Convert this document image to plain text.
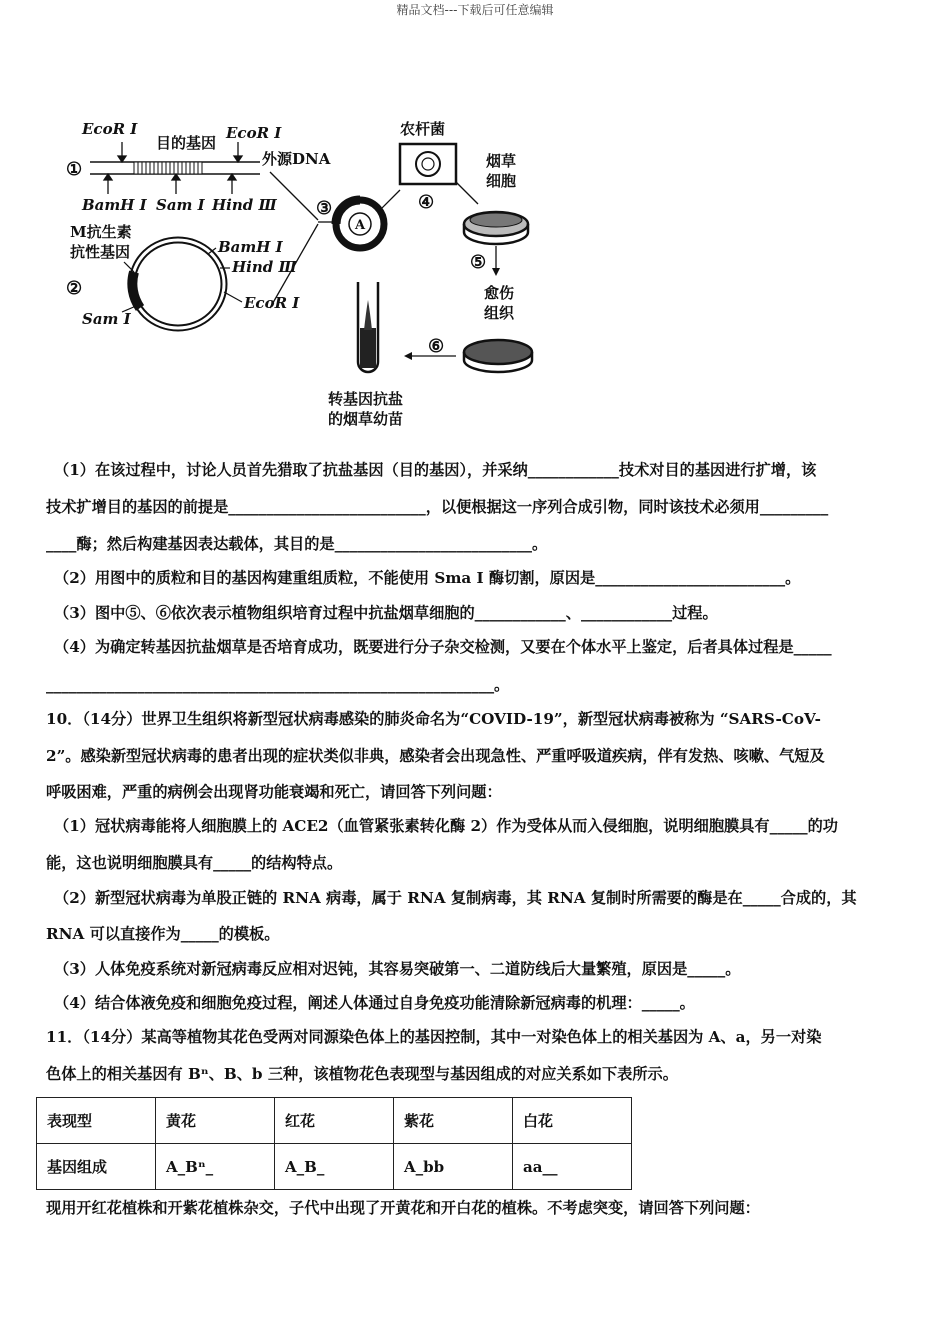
精品文档---下载后可任意编辑
EcoR Ⅰ
目的基因
EcoR Ⅰ
①	外源DNA
BamH Ⅰ Sam Ⅰ Hind Ⅲ
M抗生素
抗性基因
②
BamH Ⅰ
Hind Ⅲ
EcoR Ⅰ
Sam Ⅰ
③
A
农杆菌
④
烟草
细胞
⑤
愈伤
组织
⑥
转基因抗盐
的烟草幼苗

（1）在该过程中，讨论人员首先猎取了抗盐基因（目的基因），并采纳____________技术对目的基因进行扩增，该

技术扩增目的基因的前提是__________________________，以便根据这一序列合成引物，同时该技术必须用_________

____酶；然后构建基因表达载体，其目的是__________________________。

（2）用图中的质粒和目的基因构建重组质粒，不能使用 Sma I 酶切割，原因是_________________________。

（3）图中⑤、⑥依次表示植物组织培育过程中抗盐烟草细胞的____________、____________过程。

（4）为确定转基因抗盐烟草是否培育成功，既要进行分子杂交检测，又要在个体水平上鉴定，后者具体过程是_____

___________________________________________________________。

10．（14分）世界卫生组织将新型冠状病毒感染的肺炎命名为“COVID-19”，新型冠状病毒被称为 “SARS-CoV-

2”。感染新型冠状病毒的患者出现的症状类似非典，感染者会出现急性、严重呼吸道疾病，伴有发热、咳嗽、气短及

呼吸困难，严重的病例会出现肾功能衰竭和死亡，请回答下列问题：

（1）冠状病毒能将人细胞膜上的 ACE2（血管紧张素转化酶 2）作为受体从而入侵细胞，说明细胞膜具有_____的功

能，这也说明细胞膜具有_____的结构特点。

（2）新型冠状病毒为单股正链的 RNA 病毒，属于 RNA 复制病毒，其 RNA 复制时所需要的酶是在_____合成的，其

RNA 可以直接作为_____的模板。

（3）人体免疫系统对新冠病毒反应相对迟钝，其容易突破第一、二道防线后大量繁殖，原因是_____。

（4）结合体液免疫和细胞免疫过程，阐述人体通过自身免疫功能清除新冠病毒的机理：_____。

11．（14分）某高等植物其花色受两对同源染色体上的基因控制，其中一对染色体上的相关基因为 A、a，另一对染

色体上的相关基因有 Bⁿ、B、b 三种，该植物花色表现型与基因组成的对应关系如下表所示。

表现型	黄花	红花	紫花	白花
基因组成	A_Bⁿ_	A_B_	A_bb	aa__

现用开红花植株和开紫花植株杂交，子代中出现了开黄花和开白花的植株。不考虑突变，请回答下列问题：
